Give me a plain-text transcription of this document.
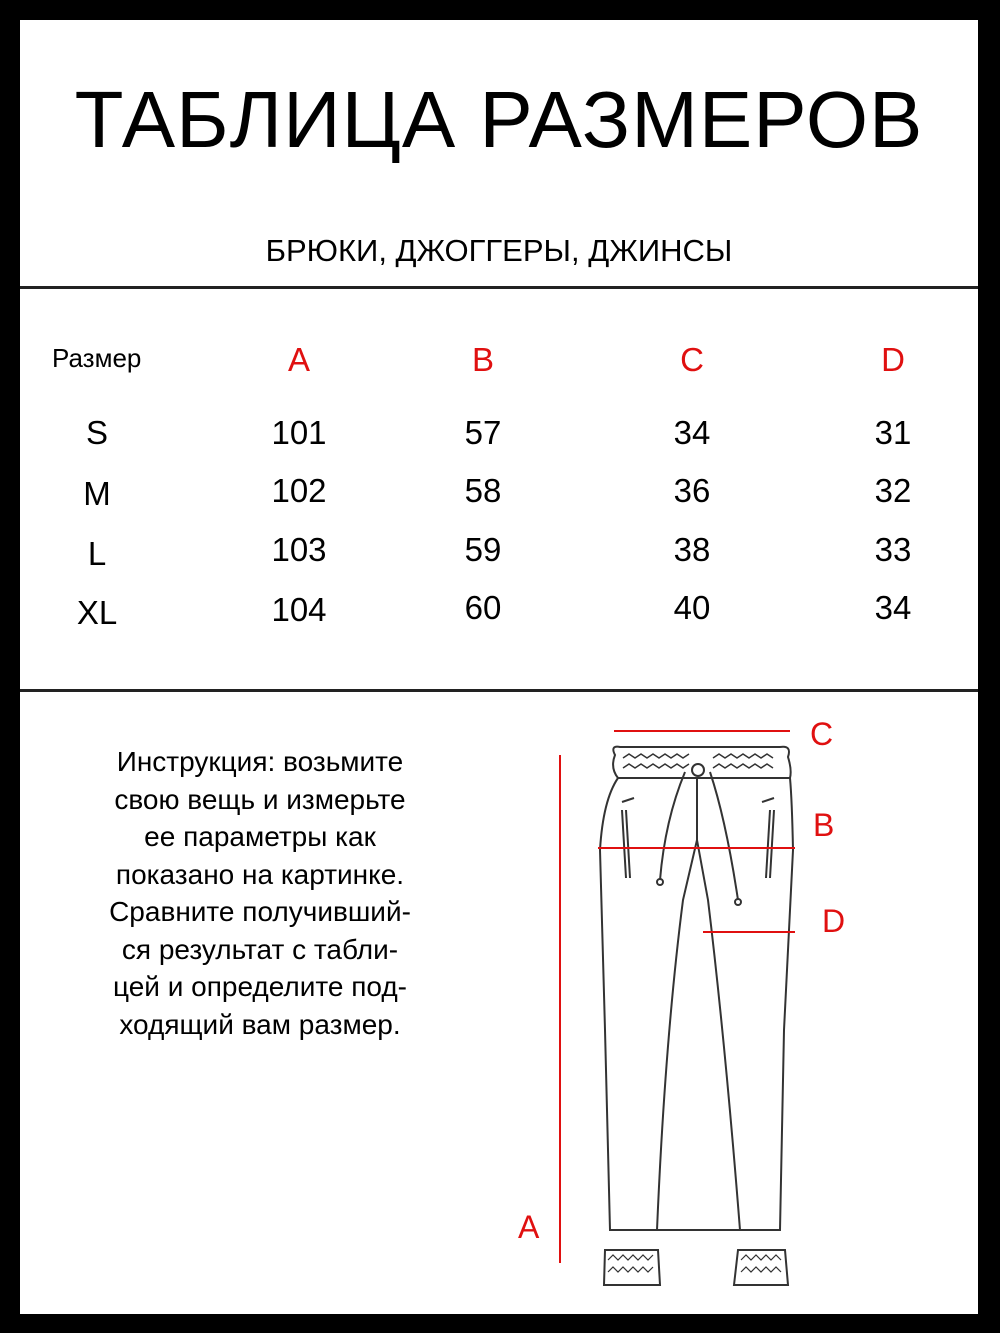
ТАБЛИЦА РАЗМЕРОВ
БРЮКИ, ДЖОГГЕРЫ, ДЖИНСЫ
Размер	A	B	C	D
S	101	57	34	31
M	102	58	36	32
L	103	59	38	33
XL	104	60	40	34
Инструкция: возьмите
свою вещь и измерьте
ее параметры как
показано на картинке.
Сравните получивший-
ся результат с табли-
цей и определите под-
ходящий вам размер.
C
B
D
A
